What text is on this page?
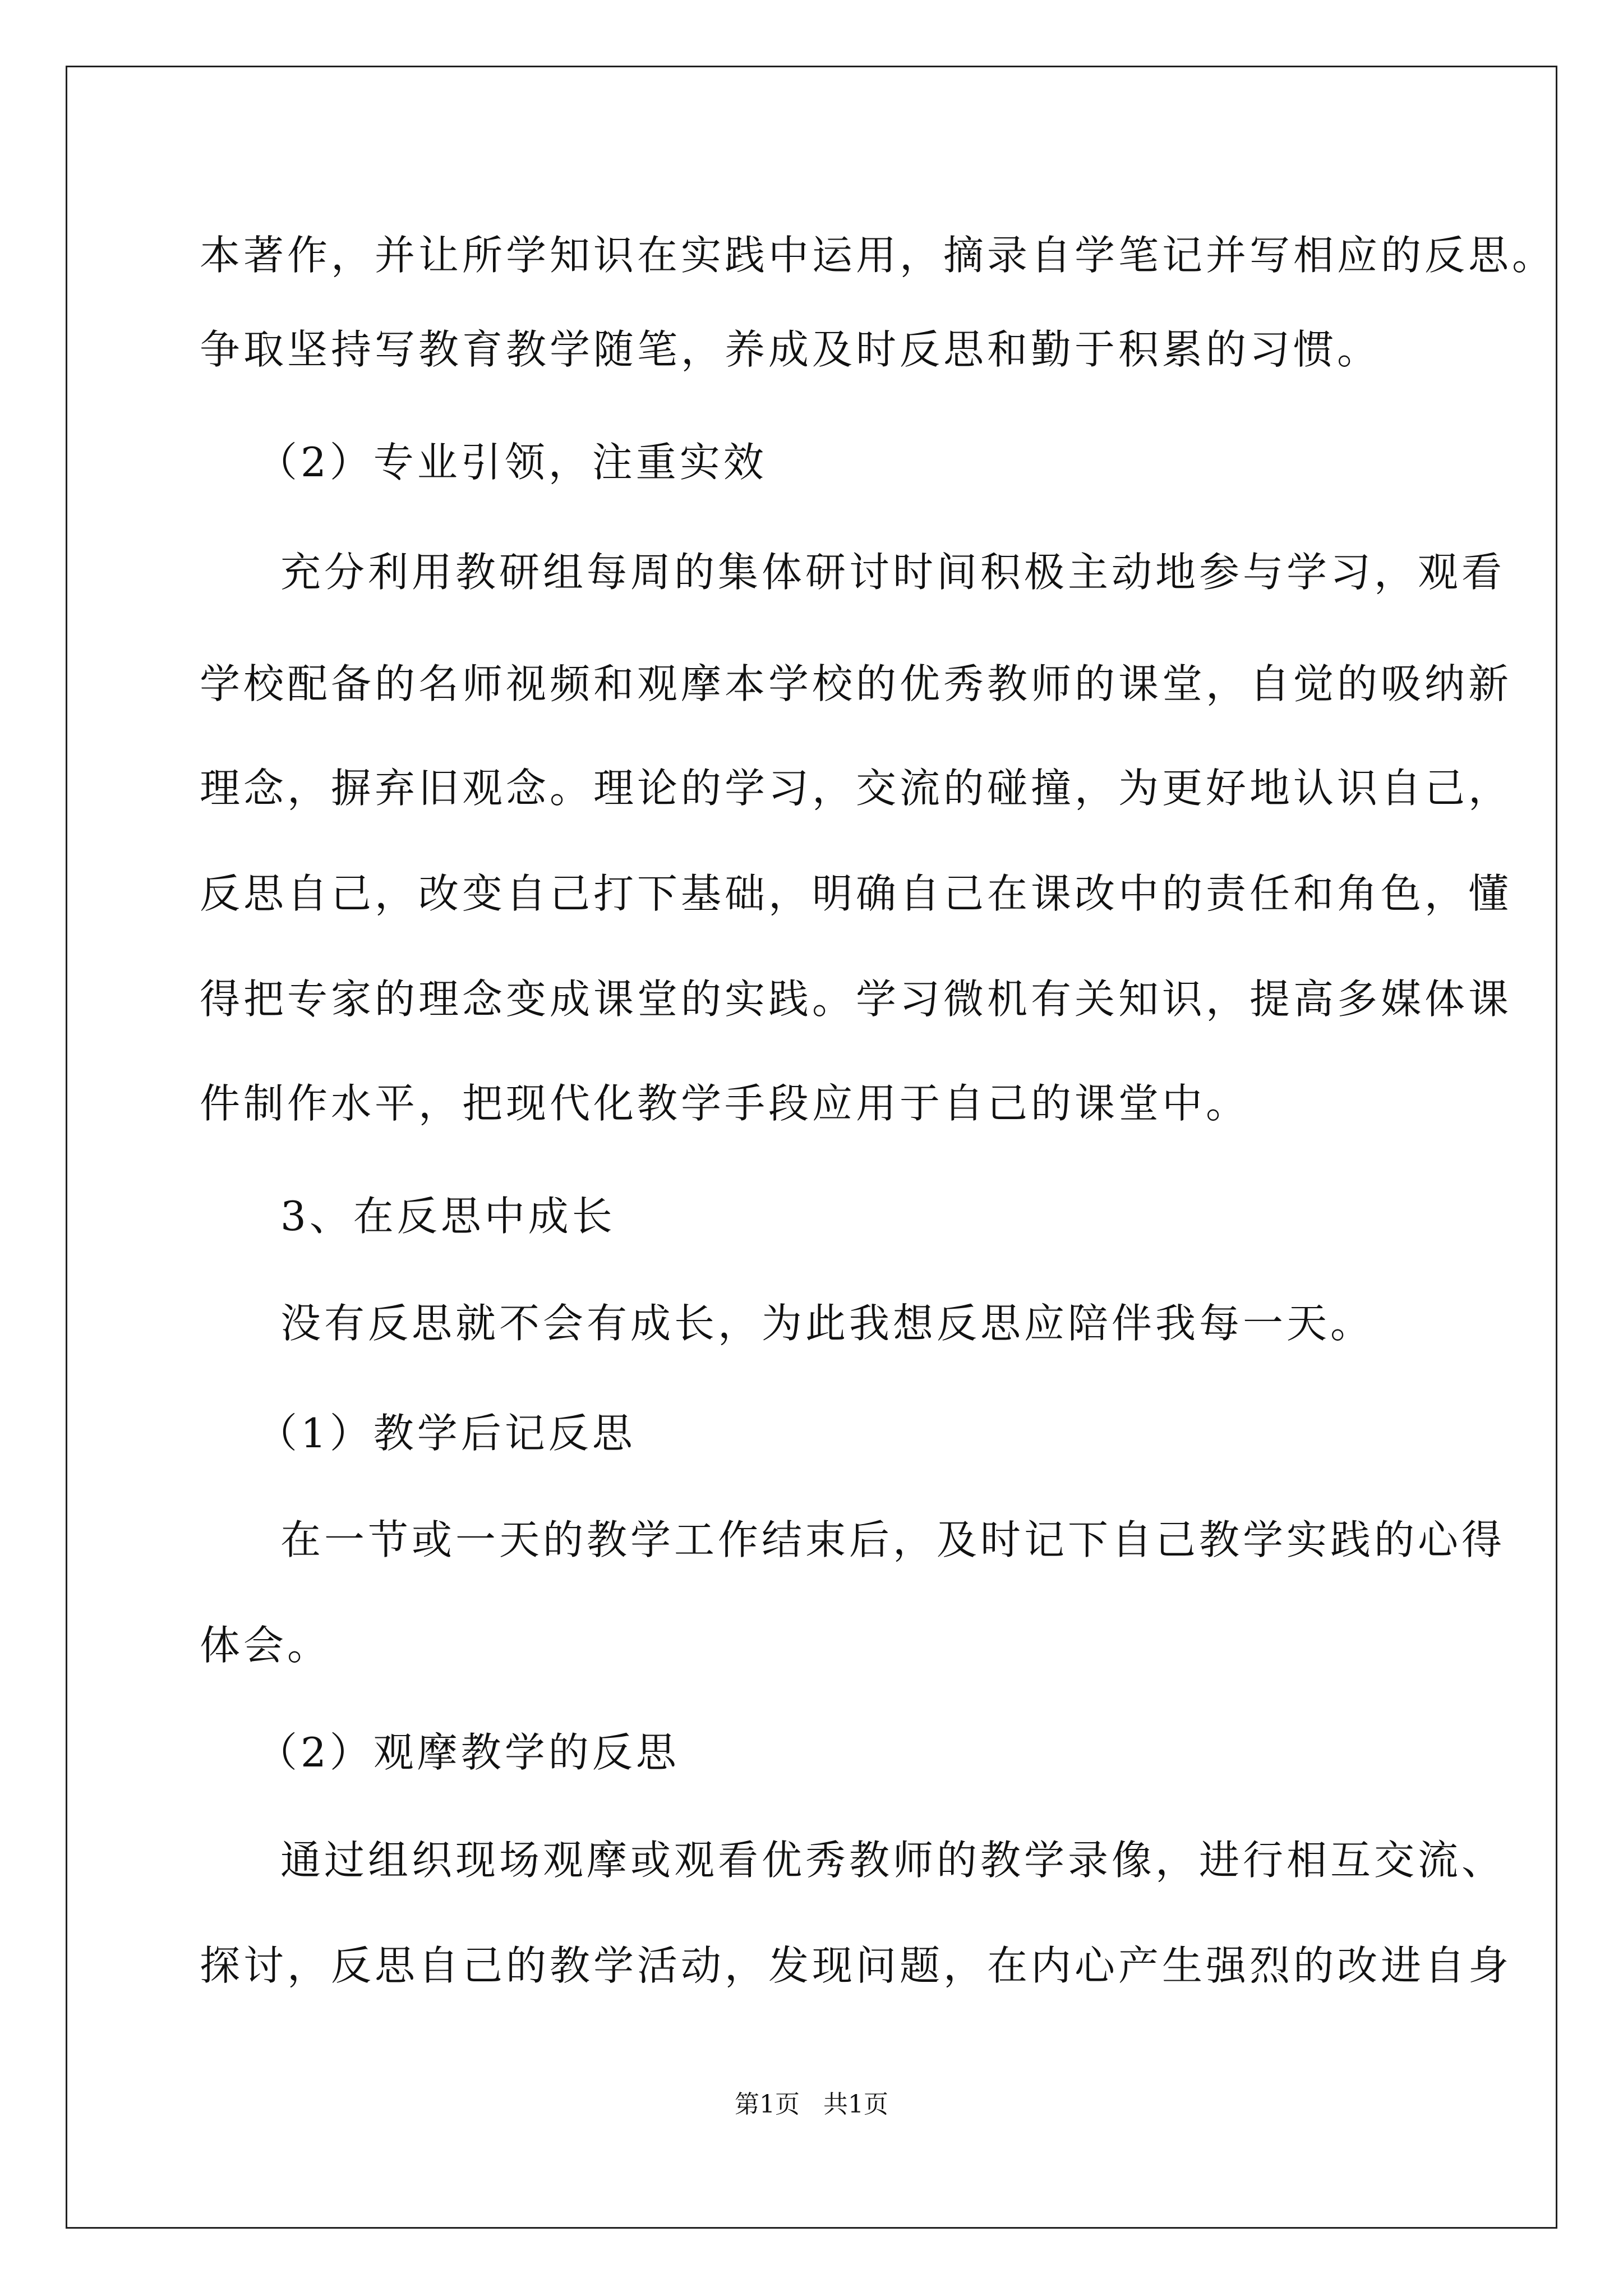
本著作，并让所学知识在实践中运用，摘录自学笔记并写相应的反思。
争取坚持写教育教学随笔，养成及时反思和勤于积累的习惯。
（2）专业引领，注重实效
充分利用教研组每周的集体研讨时间积极主动地参与学习，观看
学校配备的名师视频和观摩本学校的优秀教师的课堂，自觉的吸纳新
理念，摒弃旧观念。理论的学习，交流的碰撞，为更好地认识自己，
反思自己，改变自己打下基础，明确自己在课改中的责任和角色，懂
得把专家的理念变成课堂的实践。学习微机有关知识，提高多媒体课
件制作水平，把现代化教学手段应用于自己的课堂中。
3、在反思中成长
没有反思就不会有成长，为此我想反思应陪伴我每一天。
（1）教学后记反思
在一节或一天的教学工作结束后，及时记下自己教学实践的心得
体会。
（2）观摩教学的反思
通过组织现场观摩或观看优秀教师的教学录像，进行相互交流、
探讨，反思自己的教学活动，发现问题，在内心产生强烈的改进自身
第1页   共1页
